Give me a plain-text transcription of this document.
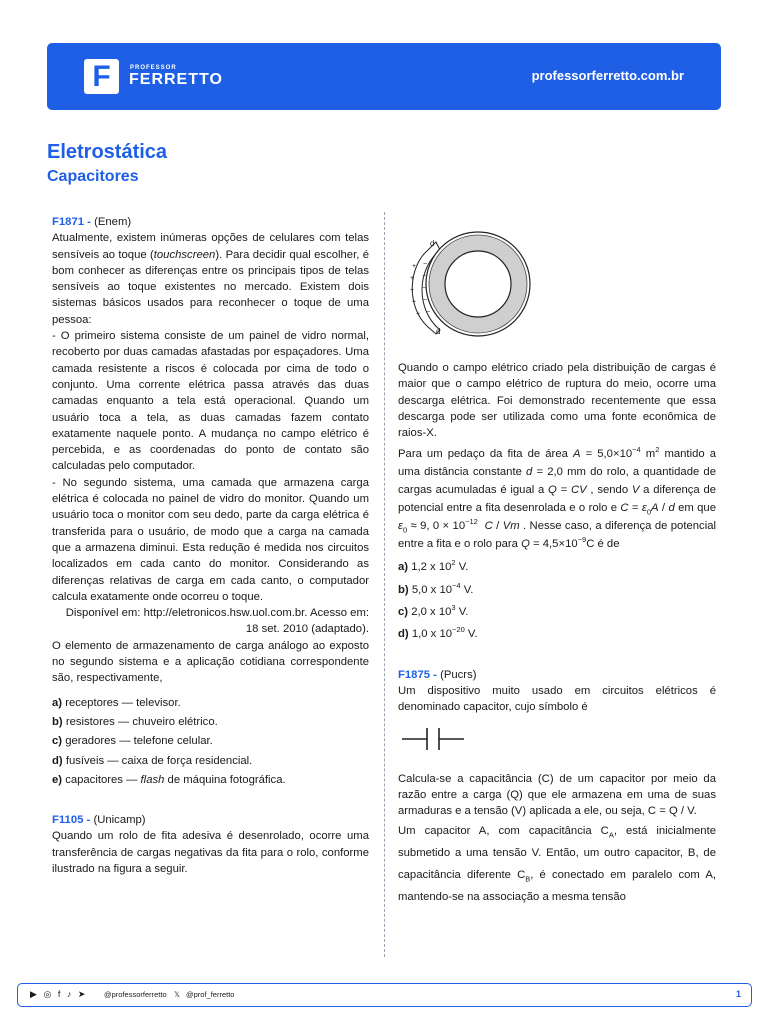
F	PROFESSOR
FERRETTO	professorferretto.com.br
Eletrostática
Capacitores

F1871 - (Enem)

Atualmente, existem inúmeras opções de celulares com telas sensíveis ao toque (touchscreen). Para decidir qual escolher, é bom conhecer as diferenças entre os principais tipos de telas sensíveis ao toque existentes no mercado. Existem dois sistemas básicos usados para reconhecer o toque de uma pessoa:

- O primeiro sistema consiste de um painel de vidro normal, recoberto por duas camadas afastadas por espaçadores. Uma camada resistente a riscos é colocada por cima de todo o conjunto. Uma corrente elétrica passa através das duas camadas enquanto a tela está operacional. Quando um usuário toca a tela, as duas camadas fazem contato exatamente naquele ponto. A mudança no campo elétrico é percebida, e as coordenadas do ponto de contato são calculadas pelo computador.

- No segundo sistema, uma camada que armazena carga elétrica é colocada no painel de vidro do monitor. Quando um usuário toca o monitor com seu dedo, parte da carga elétrica é transferida para o usuário, de modo que a carga na camada que a armazena diminui. Esta redução é medida nos circuitos localizados em cada canto do monitor. Considerando as diferenças relativas de carga em cada canto, o computador calcula exatamente onde ocorreu o toque.

Disponível em: http://eletronicos.hsw.uol.com.br. Acesso em: 18 set. 2010 (adaptado).

O elemento de armazenamento de carga análogo ao exposto no segundo sistema e a aplicação cotidiana correspondente são, respectivamente,

a) receptores — televisor.

b) resistores — chuveiro elétrico.

c) geradores — telefone celular.

d) fusíveis — caixa de força residencial.

e) capacitores — flash de máquina fotográfica.

F1105 - (Unicamp)

Quando um rolo de fita adesiva é desenrolado, ocorre uma transferência de cargas negativas da fita para o rolo, conforme ilustrado na figura a seguir.

d
d
+
+
+
+
+
−
−
−
−
−

Quando o campo elétrico criado pela distribuição de cargas é maior que o campo elétrico de ruptura do meio, ocorre uma descarga elétrica. Foi demonstrado recentemente que essa descarga pode ser utilizada como uma fonte econômica de raios-X.

Para um pedaço da fita de área $A = 5,0\times 10^{-4}$ $m^2$ mantido a uma distância constante d = 2,0 mm do rolo, a quantidade de cargas acumuladas é igual a Q = CV , sendo V a diferença de potencial entre a fita desenrolada e o rolo e $C = \varepsilon_0A / d$ em que $\varepsilon_0 \approx 9$, $0 \times 10^{-12}$ C / Vm . Nesse caso, a diferença de potencial entre a fita e o rolo para $Q = 4,5\times 10^{-9}C$ é de

a) 1,2 x $10^2$ V.

b) 5,0 x $10^{-4}$ V.

c) 2,0 x $10^3$ V.

d) 1,0 x $10^{-20}$ V.

F1875 - (Pucrs)

Um dispositivo muito usado em circuitos elétricos é denominado capacitor, cujo símbolo é

Calcula-se a capacitância (C) de um capacitor por meio da razão entre a carga (Q) que ele armazena em uma de suas armaduras e a tensão (V) aplicada a ele, ou seja, C = Q / V.

Um capacitor A, com capacitância $C_A$, está inicialmente submetido a uma tensão V. Então, um outro capacitor, B, de capacitância diferente $C_B$, é conectado em paralelo com A, mantendo-se na associação a mesma tensão

▶ ◎ f ♪ ➤ @professorferretto 𝕏 @prof_ferretto	1
